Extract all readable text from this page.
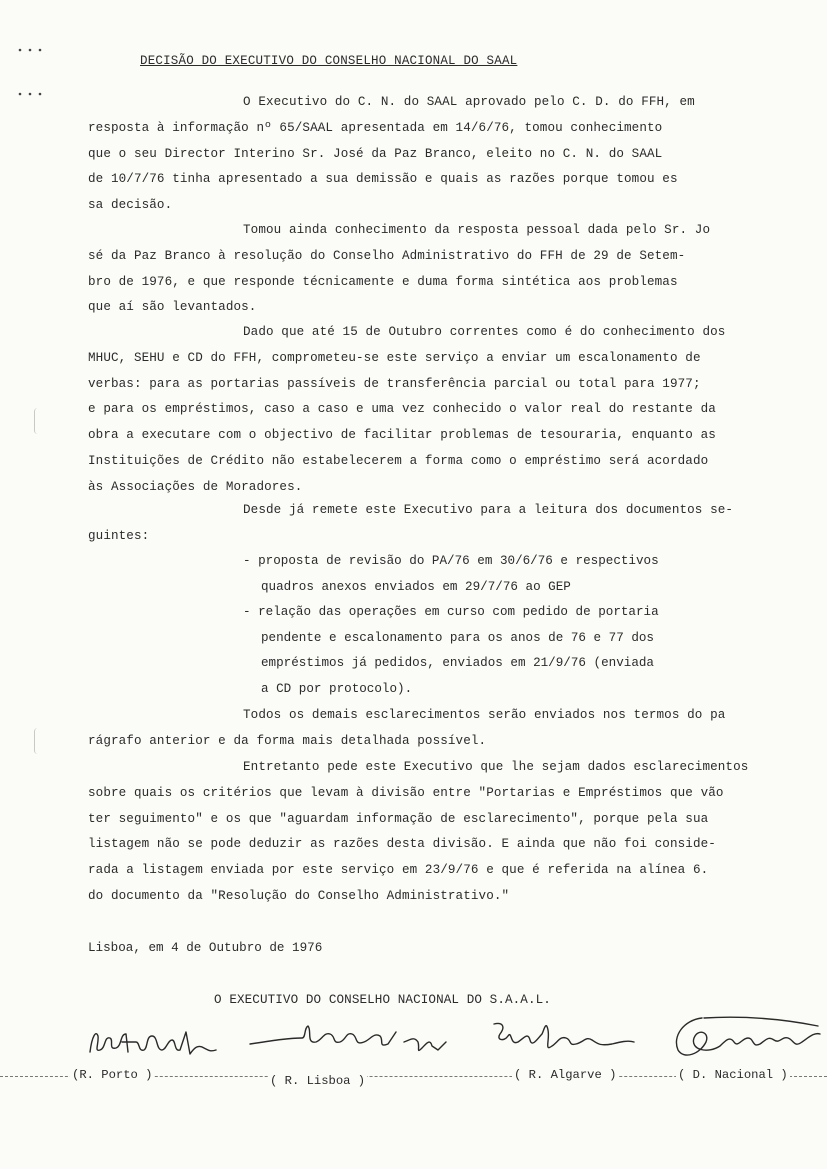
DECISÃO DO EXECUTIVO DO CONSELHO NACIONAL DO SAAL
O Executivo do C. N. do SAAL aprovado pelo C. D. do FFH, em
resposta à informação nº 65/SAAL apresentada em 14/6/76, tomou conhecimento
que o seu Director Interino Sr. José da Paz Branco, eleito no C. N. do SAAL
de 10/7/76 tinha apresentado a sua demissão e quais as razões porque tomou es
sa decisão.
Tomou ainda conhecimento da resposta pessoal dada pelo Sr. Jo
sé da Paz Branco à resolução do Conselho Administrativo do FFH de 29 de Setem-
bro de 1976, e que responde técnicamente e duma forma sintética aos problemas
que aí são levantados.
Dado que até 15 de Outubro correntes como é do conhecimento dos
MHUC, SEHU e CD do FFH, comprometeu-se este serviço a enviar um escalonamento de
verbas: para as portarias passíveis de transferência parcial ou total para 1977;
e para os empréstimos, caso a caso e uma vez conhecido o valor real do restante da
obra a executare com o objectivo de facilitar problemas de tesouraria, enquanto as
Instituições de Crédito não estabelecerem a forma como o empréstimo será acordado
às Associações de Moradores.
Desde já remete este Executivo para a leitura dos documentos se-
guintes:
- proposta de revisão do PA/76 em 30/6/76 e respectivos
quadros anexos enviados em 29/7/76 ao GEP
- relação das operações em curso com pedido de portaria
pendente e escalonamento para os anos de 76 e 77 dos
empréstimos já pedidos, enviados em 21/9/76 (enviada
a CD por protocolo).
Todos os demais esclarecimentos serão enviados nos termos do pa
rágrafo anterior e da forma mais detalhada possível.
Entretanto pede este Executivo que lhe sejam dados esclarecimentos
sobre quais os critérios que levam à divisão entre "Portarias e Empréstimos que vão
ter seguimento" e os que "aguardam informação de esclarecimento", porque pela sua
listagem não se pode deduzir as razões desta divisão. E ainda que não foi conside-
rada a listagem enviada por este serviço em 23/9/76 e que é referida na alínea 6.
do documento da "Resolução do Conselho Administrativo."
Lisboa, em 4 de Outubro de 1976
O EXECUTIVO DO CONSELHO NACIONAL DO S.A.A.L.
(R. Porto )	( R. Lisboa )	( R. Algarve )	( D. Nacional )
